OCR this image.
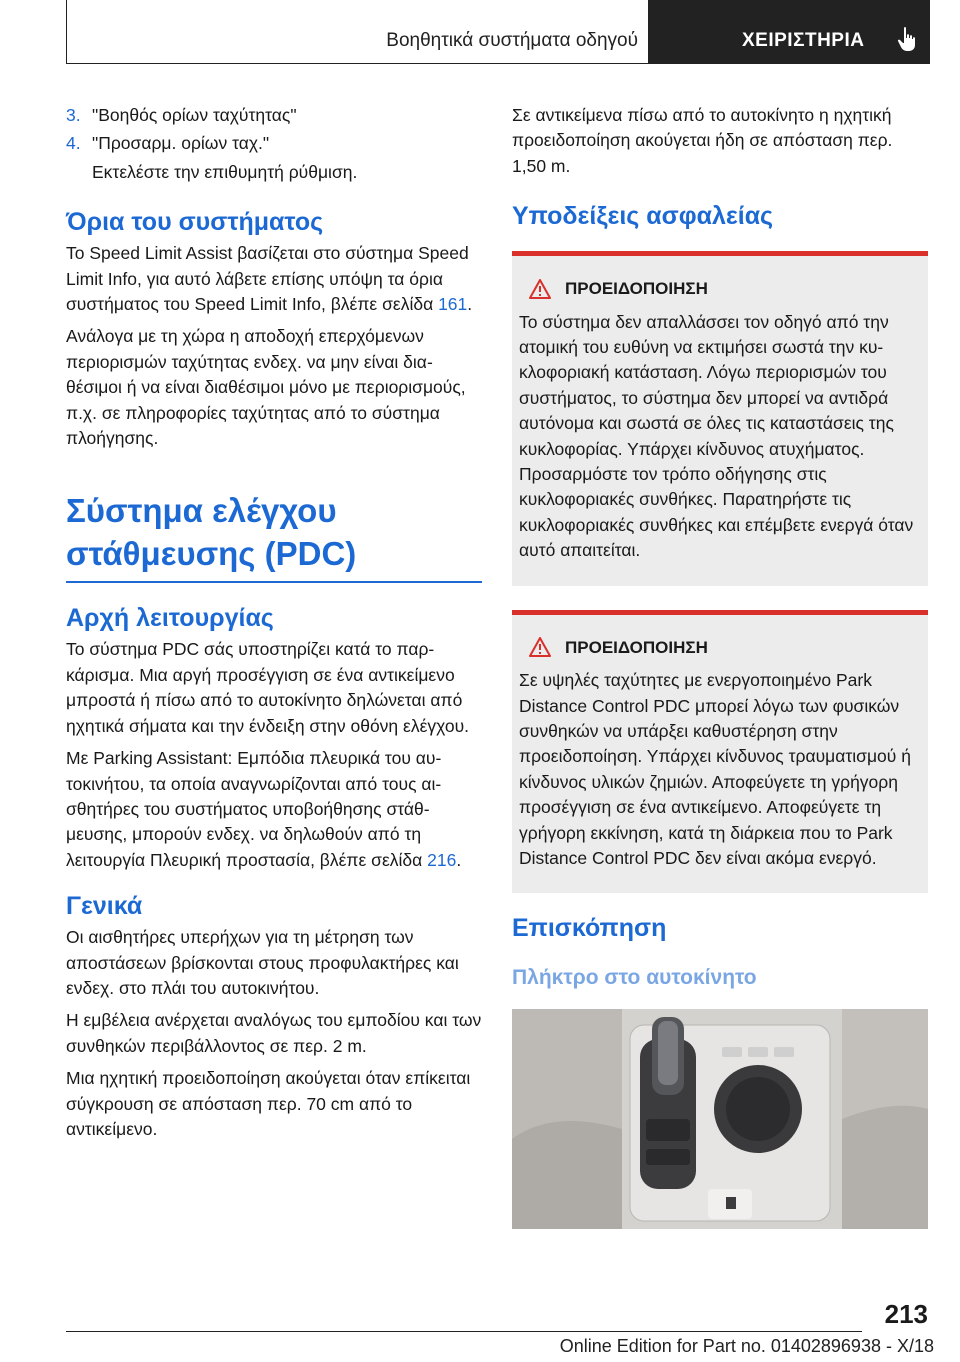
Βοηθητικά συστήματα οδηγού	ΧΕΙΡΙΣΤΗΡΙΑ
3. "Βοηθός ορίων ταχύτητας"
4. "Προσαρμ. ορίων ταχ."

Εκτελέστε την επιθυμητή ρύθμιση.

Όρια του συστήματος

Το Speed Limit Assist βασίζεται στο σύστημα Speed Limit Info, για αυτό λάβετε επίσης υπόψη τα όρια συστήματος του Speed Limit Info, βλέπε σελίδα 161.

Ανάλογα με τη χώρα η αποδοχή επερχόμενων περιορισμών ταχύτητας ενδεχ. να μην είναι διαθέσιμοι ή να είναι διαθέσιμοι μόνο με περιορισμούς, π.χ. σε πληροφορίες ταχύτητας από το σύστημα πλοήγησης.

Σύστημα ελέγχου
στάθμευσης (PDC)
Αρχή λειτουργίας

Το σύστημα PDC σάς υποστηρίζει κατά το παρκάρισμα. Μια αργή προσέγγιση σε ένα αντικείμενο μπροστά ή πίσω από το αυτοκίνητο δηλώνεται από ηχητικά σήματα και την ένδειξη στην οθόνη ελέγχου.

Με Parking Assistant: Εμπόδια πλευρικά του αυτοκινήτου, τα οποία αναγνωρίζονται από τους αισθητήρες του συστήματος υποβοήθησης στάθμευσης, μπορούν ενδεχ. να δηλωθούν από τη λειτουργία Πλευρική προστασία, βλέπε σελίδα 216.

Γενικά

Οι αισθητήρες υπερήχων για τη μέτρηση των αποστάσεων βρίσκονται στους προφυλακτήρες και ενδεχ. στο πλάι του αυτοκινήτου.

Η εμβέλεια ανέρχεται αναλόγως του εμποδίου και των συνθηκών περιβάλλοντος σε περ. 2 m.

Μια ηχητική προειδοποίηση ακούγεται όταν επίκειται σύγκρουση σε απόσταση περ. 70 cm από το αντικείμενο.

Σε αντικείμενα πίσω από το αυτοκίνητο η ηχητική προειδοποίηση ακούγεται ήδη σε απόσταση περ. 1,50 m.

Υποδείξεις ασφαλείας
ΠΡΟΕΙΔΟΠΟΙΗΣΗ
Το σύστημα δεν απαλλάσσει τον οδηγό από την ατομική του ευθύνη να εκτιμήσει σωστά την κυκλοφοριακή κατάσταση. Λόγω περιορισμών του συστήματος, το σύστημα δεν μπορεί να αντιδρά αυτόνομα και σωστά σε όλες τις καταστάσεις της κυκλοφορίας. Υπάρχει κίνδυνος ατυχήματος. Προσαρμόστε τον τρόπο οδήγησης στις κυκλοφοριακές συνθήκες. Παρατηρήστε τις κυκλοφοριακές συνθήκες και επέμβετε ενεργά όταν αυτό απαιτείται.
ΠΡΟΕΙΔΟΠΟΙΗΣΗ
Σε υψηλές ταχύτητες με ενεργοποιημένο Park Distance Control PDC μπορεί λόγω των φυσικών συνθηκών να υπάρξει καθυστέρηση στην προειδοποίηση. Υπάρχει κίνδυνος τραυματισμού ή κίνδυνος υλικών ζημιών. Αποφεύγετε τη γρήγορη προσέγγιση σε ένα αντικείμενο. Αποφεύγετε τη γρήγορη εκκίνηση, κατά τη διάρκεια που το Park Distance Control PDC δεν είναι ακόμα ενεργό.
Επισκόπηση
Πλήκτρο στο αυτοκίνητο
213
Online Edition for Part no. 01402896938 - X/18
